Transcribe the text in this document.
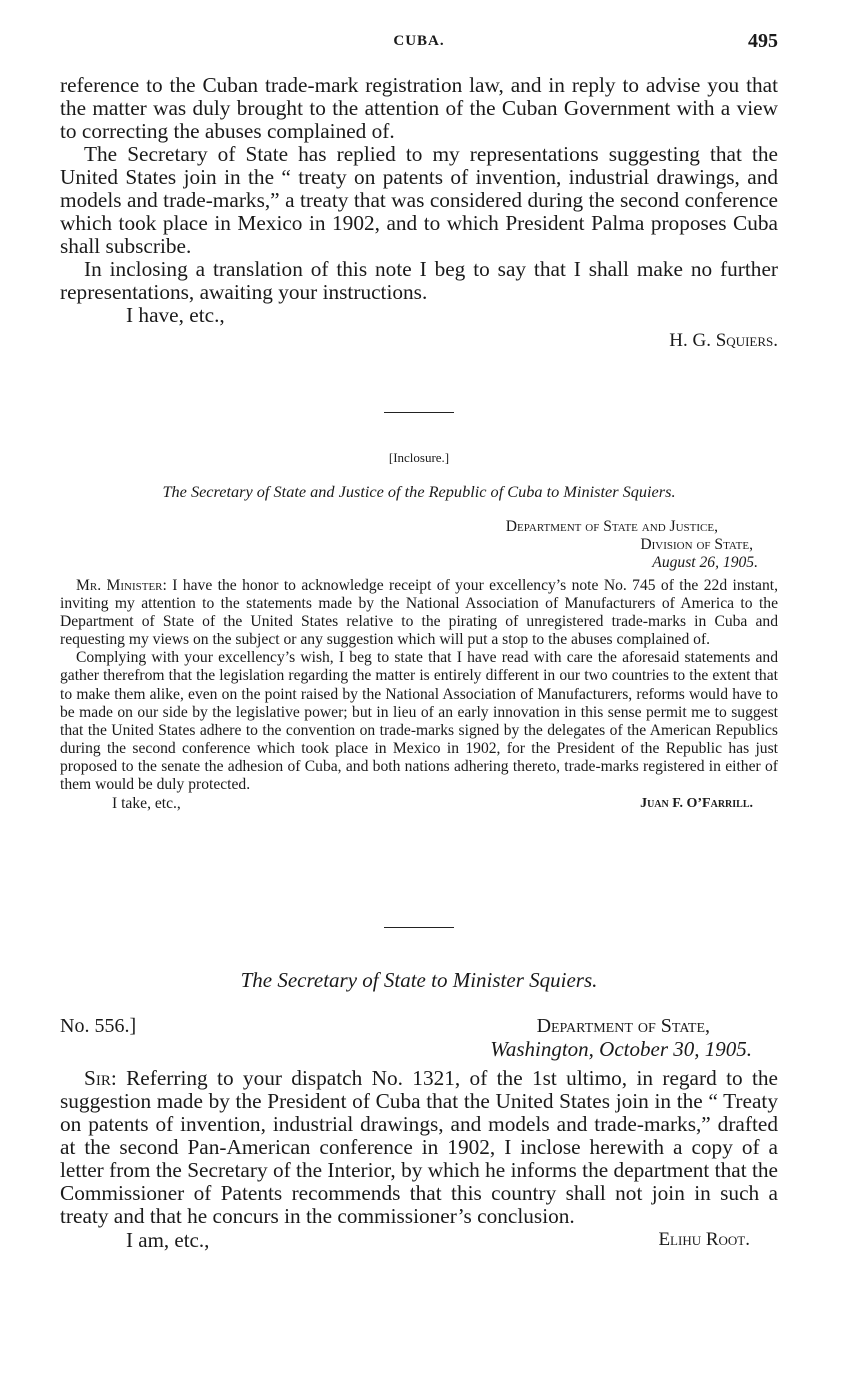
CUBA.	495

reference to the Cuban trade-mark registration law, and in reply to advise you that the matter was duly brought to the attention of the Cuban Government with a view to correcting the abuses complained of.

The Secretary of State has replied to my representations suggesting that the United States join in the “ treaty on patents of invention, industrial drawings, and models and trade-marks,” a treaty that was considered during the second conference which took place in Mexico in 1902, and to which President Palma proposes Cuba shall subscribe.

In inclosing a translation of this note I beg to say that I shall make no further representations, awaiting your instructions.

I have, etc.,
H. G. Squiers.
[Inclosure.]
The Secretary of State and Justice of the Republic of Cuba to Minister Squiers.
Department of State and Justice,
Division of State,
August 26, 1905.

Mr. Minister: I have the honor to acknowledge receipt of your excellency’s note No. 745 of the 22d instant, inviting my attention to the statements made by the National Association of Manufacturers of America to the Department of State of the United States relative to the pirating of unregistered trade-marks in Cuba and requesting my views on the subject or any suggestion which will put a stop to the abuses complained of.

Complying with your excellency’s wish, I beg to state that I have read with care the aforesaid statements and gather therefrom that the legislation regarding the matter is entirely different in our two countries to the extent that to make them alike, even on the point raised by the National Association of Manufacturers, reforms would have to be made on our side by the legislative power; but in lieu of an early innovation in this sense permit me to suggest that the United States adhere to the convention on trade-marks signed by the delegates of the American Republics during the second conference which took place in Mexico in 1902, for the President of the Republic has just proposed to the senate the adhesion of Cuba, and both nations adhering thereto, trade-marks registered in either of them would be duly protected.

I take, etc.,	Juan F. O’Farrill.
The Secretary of State to Minister Squiers.
No. 556.]	Department of State,
Washington, October 30, 1905.

Sir: Referring to your dispatch No. 1321, of the 1st ultimo, in regard to the suggestion made by the President of Cuba that the United States join in the “ Treaty on patents of invention, industrial drawings, and models and trade-marks,” drafted at the second Pan-American conference in 1902, I inclose herewith a copy of a letter from the Secretary of the Interior, by which he informs the department that the Commissioner of Patents recommends that this country shall not join in such a treaty and that he concurs in the commissioner’s conclusion.

I am, etc.,	Elihu Root.
